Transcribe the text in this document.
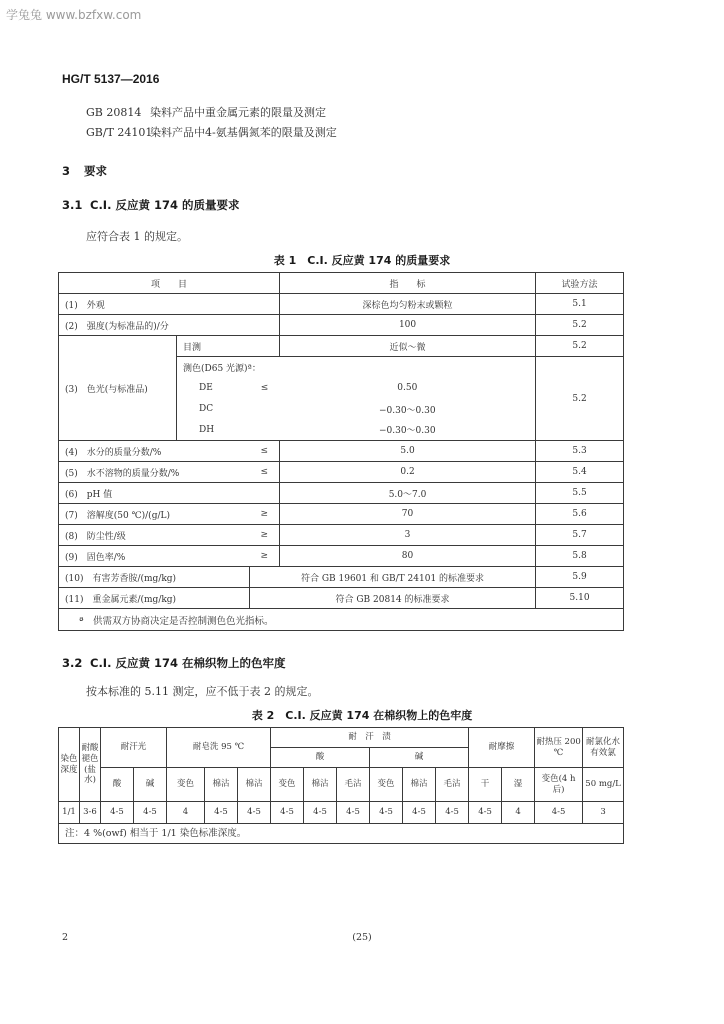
学兔兔 www.bzfxw.com
HG/T 5137—2016
GB 20814 染料产品中重金属元素的限量及测定
GB/T 24101染料产品中4-氨基偶氮苯的限量及测定
3 要求
3.1 C.I. 反应黄 174 的质量要求
应符合表 1 的规定。
表 1　C.I. 反应黄 174 的质量要求
项　　目			指　　标	试验方法
(1)　外观			深棕色均匀粉末或颗粒	5.1
(2)　强度(为标准品的)/分			100	5.2
(3)　色光(与标准品)	目测		近似～微	5.2
	测色(D65 光源)ª：			5.2
	DE	≤	0.50	
	DC		−0.30～0.30	
	DH		−0.30～0.30	
(4)　水分的质量分数/%		≤	5.0	5.3
(5)　水不溶物的质量分数/%		≤	0.2	5.4
(6)　pH 值			5.0～7.0	5.5
(7)　溶解度(50 ℃)/(g/L)		≥	70	5.6
(8)　防尘性/级		≥	3	5.7
(9)　固色率/%		≥	80	5.8
(10)　有害芳香胺/(mg/kg)		符合 GB 19601 和 GB/T 24101 的标准要求		5.9
(11)　重金属元素/(mg/kg)		符合 GB 20814 的标准要求		5.10
ª　供需双方协商决定是否控制测色色光指标。				
3.2 C.I. 反应黄 174 在棉织物上的色牢度
按本标准的 5.11 测定，应不低于表 2 的规定。
表 2　C.I. 反应黄 174 在棉织物上的色牢度
染色深度	耐酸褪色(盐水)	耐汗光		耐皂洗 95 ℃			耐　汗　渍						耐摩擦		耐热压 200 ℃	耐氯化水有效氯
							酸			碱						
		酸	碱	变色	棉沾	棉沾	变色	棉沾	毛沾	变色	棉沾	毛沾	干	湿	变色(4 h 后)	50 mg/L
1/1	3-6	4-5	4-5	4	4-5	4-5	4-5	4-5	4-5	4-5	4-5	4-5	4-5	4	4-5	3
注：4 %(owf) 相当于 1/1 染色标准深度。																
2	(25)
